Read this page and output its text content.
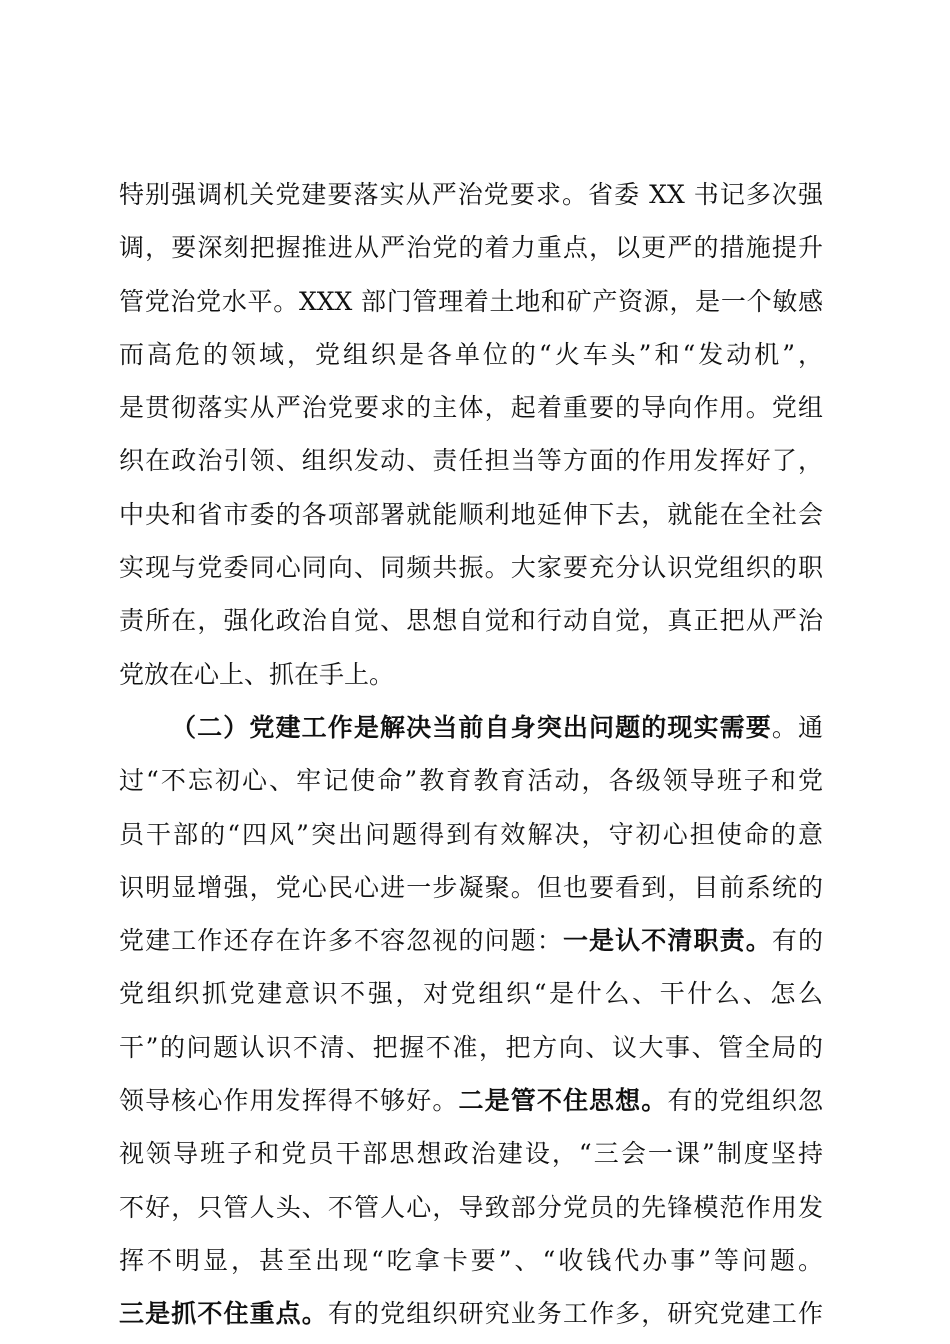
特别强调机关党建要落实从严治党要求。省委 XX 书记多次强
调，要深刻把握推进从严治党的着力重点，以更严的措施提升
管党治党水平。XXX 部门管理着土地和矿产资源，是一个敏感
而高危的领域，党组织是各单位的“火车头”和“发动机”，
是贯彻落实从严治党要求的主体，起着重要的导向作用。党组
织在政治引领、组织发动、责任担当等方面的作用发挥好了，
中央和省市委的各项部署就能顺利地延伸下去，就能在全社会
实现与党委同心同向、同频共振。大家要充分认识党组织的职
责所在，强化政治自觉、思想自觉和行动自觉，真正把从严治
党放在心上、抓在手上。
（二）党建工作是解决当前自身突出问题的现实需要。通
过“不忘初心、牢记使命”教育教育活动，各级领导班子和党
员干部的“四风”突出问题得到有效解决，守初心担使命的意
识明显增强，党心民心进一步凝聚。但也要看到，目前系统的
党建工作还存在许多不容忽视的问题：一是认不清职责。有的
党组织抓党建意识不强，对党组织“是什么、干什么、怎么
干”的问题认识不清、把握不准，把方向、议大事、管全局的
领导核心作用发挥得不够好。二是管不住思想。有的党组织忽
视领导班子和党员干部思想政治建设，“三会一课”制度坚持
不好，只管人头、不管人心，导致部分党员的先锋模范作用发
挥不明显，甚至出现“吃拿卡要”、“收钱代办事”等问题。
三是抓不住重点。有的党组织研究业务工作多，研究党建工作
